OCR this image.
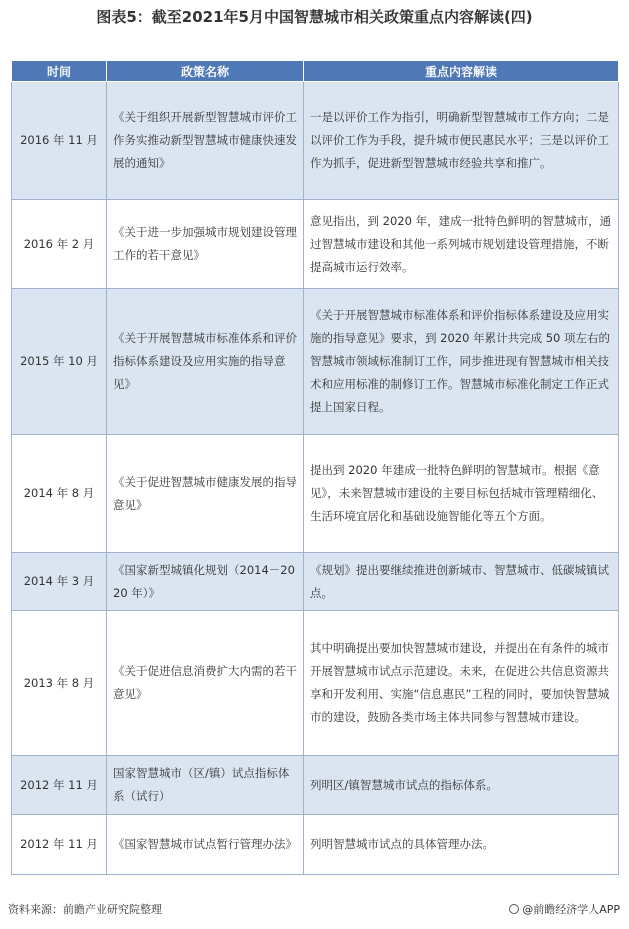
图表5：截至2021年5月中国智慧城市相关政策重点内容解读(四)
时间	政策名称	重点内容解读
2016 年 11 月	《关于组织开展新型智慧城市评价工作务实推动新型智慧城市健康快速发展的通知》	一是以评价工作为指引，明确新型智慧城市工作方向；二是以评价工作为手段，提升城市便民惠民水平；三是以评价工作为抓手，促进新型智慧城市经验共享和推广。
2016 年 2 月	《关于进一步加强城市规划建设管理工作的若干意见》	意见指出，到 2020 年，建成一批特色鲜明的智慧城市，通过智慧城市建设和其他一系列城市规划建设管理措施，不断提高城市运行效率。
2015 年 10 月	《关于开展智慧城市标准体系和评价指标体系建设及应用实施的指导意见》	《关于开展智慧城市标准体系和评价指标体系建设及应用实施的指导意见》要求，到 2020 年累计共完成 50 项左右的智慧城市领域标准制订工作，同步推进现有智慧城市相关技术和应用标准的制修订工作。智慧城市标准化制定工作正式提上国家日程。
2014 年 8 月	《关于促进智慧城市健康发展的指导意见》	提出到 2020 年建成一批特色鲜明的智慧城市。根据《意见》，未来智慧城市建设的主要目标包括城市管理精细化、生活环境宜居化和基础设施智能化等五个方面。
2014 年 3 月	《国家新型城镇化规划（2014－2020 年）》	《规划》提出要继续推进创新城市、智慧城市、低碳城镇试点。
2013 年 8 月	《关于促进信息消费扩大内需的若干意见》	其中明确提出要加快智慧城市建设，并提出在有条件的城市开展智慧城市试点示范建设。未来，在促进公共信息资源共享和开发利用、实施“信息惠民”工程的同时，要加快智慧城市的建设，鼓励各类市场主体共同参与智慧城市建设。
2012 年 11 月	国家智慧城市（区/镇）试点指标体系（试行）	列明区/镇智慧城市试点的指标体系。
2012 年 11 月	《国家智慧城市试点暂行管理办法》	列明智慧城市试点的具体管理办法。
资料来源：前瞻产业研究院整理	@前瞻经济学人APP
